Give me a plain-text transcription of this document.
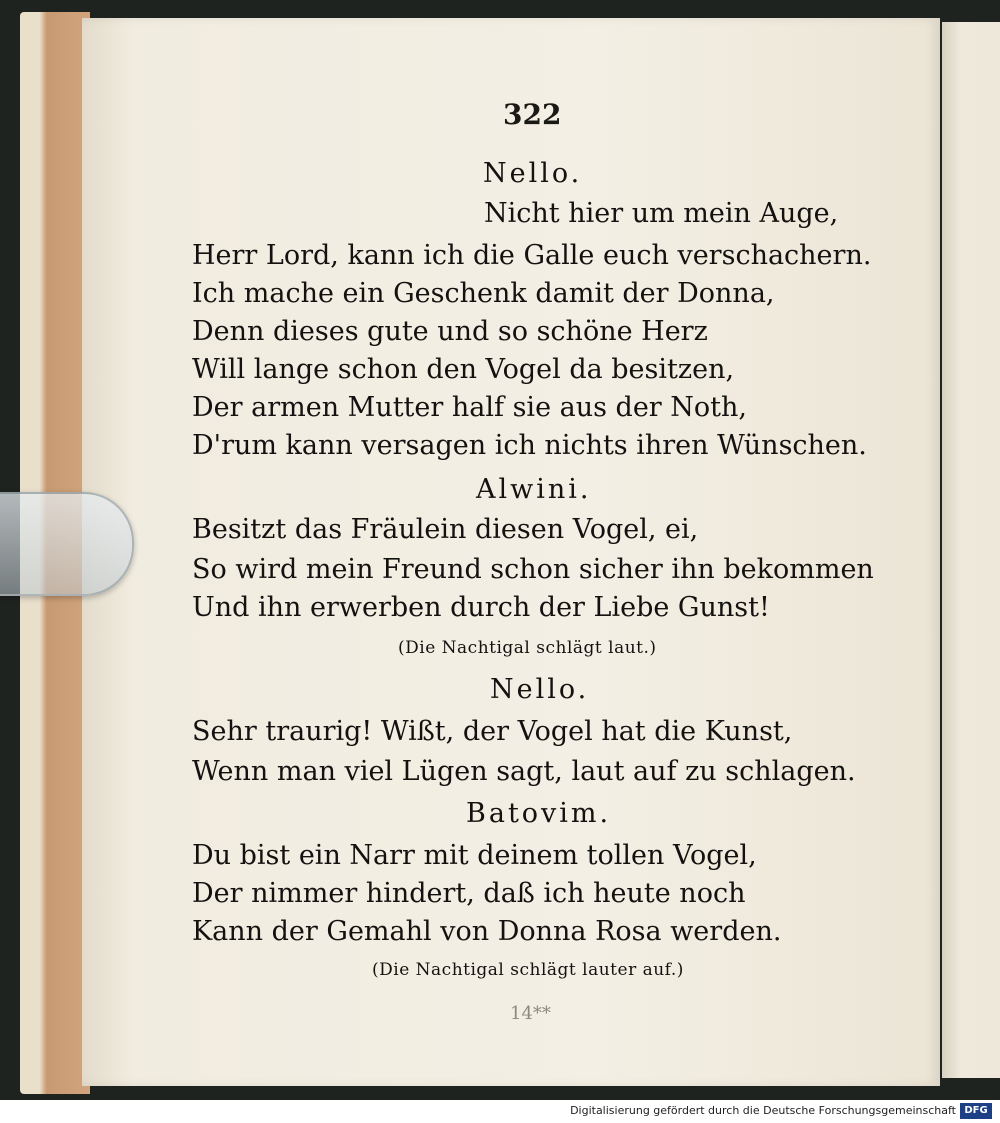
322
Nello.
Nicht hier um mein Auge,
Herr Lord, kann ich die Galle euch verschachern.
Ich mache ein Geschenk damit der Donna,
Denn dieses gute und so schöne Herz
Will lange schon den Vogel da besitzen,
Der armen Mutter half sie aus der Noth,
D'rum kann versagen ich nichts ihren Wünschen.
Alwini.
Besitzt das Fräulein diesen Vogel, ei,
So wird mein Freund schon sicher ihn bekommen
Und ihn erwerben durch der Liebe Gunst!
(Die Nachtigal schlägt laut.)
Nello.
Sehr traurig! Wißt, der Vogel hat die Kunst,
Wenn man viel Lügen sagt, laut auf zu schlagen.
Batovim.
Du bist ein Narr mit deinem tollen Vogel,
Der nimmer hindert, daß ich heute noch
Kann der Gemahl von Donna Rosa werden.
(Die Nachtigal schlägt lauter auf.)
14**
Digitalisierung gefördert durch die Deutsche Forschungsgemeinschaft DFG
